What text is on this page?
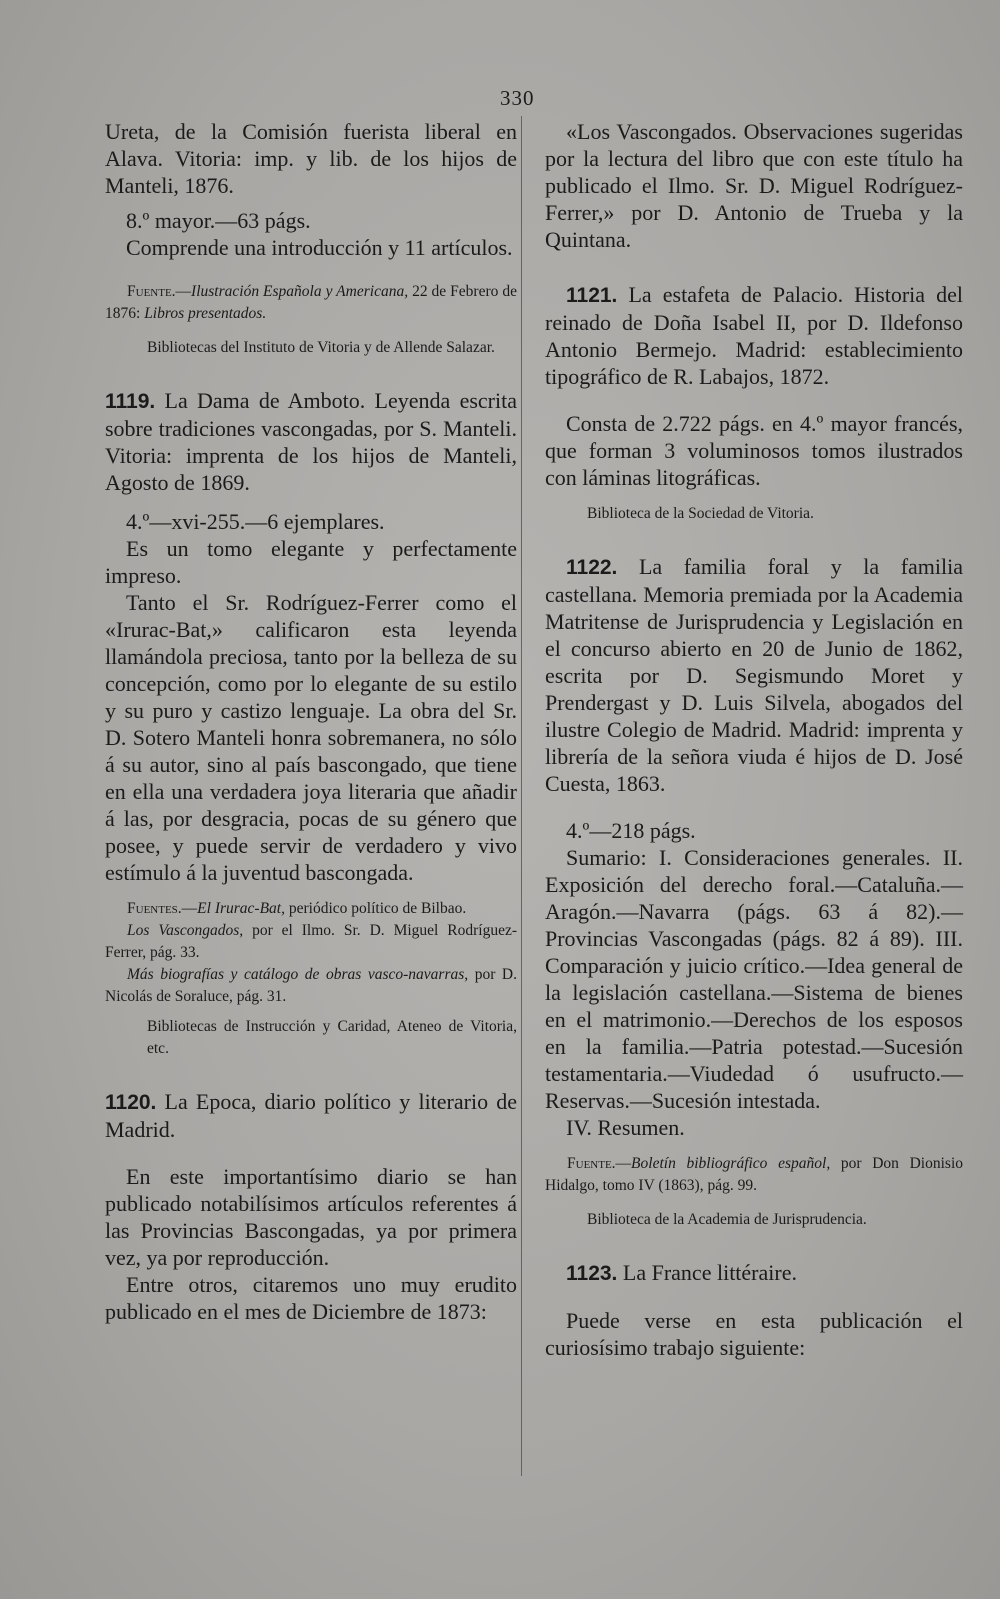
330

Ureta, de la Comisión fuerista liberal en Alava. Vitoria: imp. y lib. de los hijos de Manteli, 1876.

8.º mayor.—63 págs.

Comprende una introducción y 11 artículos.

Fuente.—Ilustración Española y Americana, 22 de Febrero de 1876: Libros presentados.

Bibliotecas del Instituto de Vitoria y de Allende Salazar.

1119. La Dama de Amboto. Leyenda escrita sobre tradiciones vascongadas, por S. Manteli. Vitoria: imprenta de los hijos de Manteli, Agosto de 1869.

4.º—xvi-255.—6 ejemplares.

Es un tomo elegante y perfectamente impreso.

Tanto el Sr. Rodríguez-Ferrer como el «Irurac-Bat,» calificaron esta leyenda llamándola preciosa, tanto por la belleza de su concepción, como por lo elegante de su estilo y su puro y castizo lenguaje. La obra del Sr. D. Sotero Manteli honra sobremanera, no sólo á su autor, sino al país bascongado, que tiene en ella una verdadera joya literaria que añadir á las, por desgracia, pocas de su género que posee, y puede servir de verdadero y vivo estímulo á la juventud bascongada.

Fuentes.—El Irurac-Bat, periódico político de Bilbao.

Los Vascongados, por el Ilmo. Sr. D. Miguel Rodríguez-Ferrer, pág. 33.

Más biografías y catálogo de obras vasco-navarras, por D. Nicolás de Soraluce, pág. 31.

Bibliotecas de Instrucción y Caridad, Ateneo de Vitoria, etc.

1120. La Epoca, diario político y literario de Madrid.

En este importantísimo diario se han publicado notabilísimos artículos referentes á las Provincias Bascongadas, ya por primera vez, ya por reproducción.

Entre otros, citaremos uno muy erudito publicado en el mes de Diciembre de 1873:

«Los Vascongados. Observaciones sugeridas por la lectura del libro que con este título ha publicado el Ilmo. Sr. D. Miguel Rodríguez-Ferrer,» por D. Antonio de Trueba y la Quintana.

1121. La estafeta de Palacio. Historia del reinado de Doña Isabel II, por D. Ildefonso Antonio Bermejo. Madrid: establecimiento tipográfico de R. Labajos, 1872.

Consta de 2.722 págs. en 4.º mayor francés, que forman 3 voluminosos tomos ilustrados con láminas litográficas.

Biblioteca de la Sociedad de Vitoria.

1122. La familia foral y la familia castellana. Memoria premiada por la Academia Matritense de Jurisprudencia y Legislación en el concurso abierto en 20 de Junio de 1862, escrita por D. Segismundo Moret y Prendergast y D. Luis Silvela, abogados del ilustre Colegio de Madrid. Madrid: imprenta y librería de la señora viuda é hijos de D. José Cuesta, 1863.

4.º—218 págs.

Sumario: I. Consideraciones generales. II. Exposición del derecho foral.—Cataluña.—Aragón.—Navarra (págs. 63 á 82).—Provincias Vascongadas (págs. 82 á 89). III. Comparación y juicio crítico.—Idea general de la legislación castellana.—Sistema de bienes en el matrimonio.—Derechos de los esposos en la familia.—Patria potestad.—Sucesión testamentaria.—Viudedad ó usufructo.—Reservas.—Sucesión intestada.

IV. Resumen.

Fuente.—Boletín bibliográfico español, por Don Dionisio Hidalgo, tomo IV (1863), pág. 99.

Biblioteca de la Academia de Jurisprudencia.

1123. La France littéraire.

Puede verse en esta publicación el curiosísimo trabajo siguiente:
